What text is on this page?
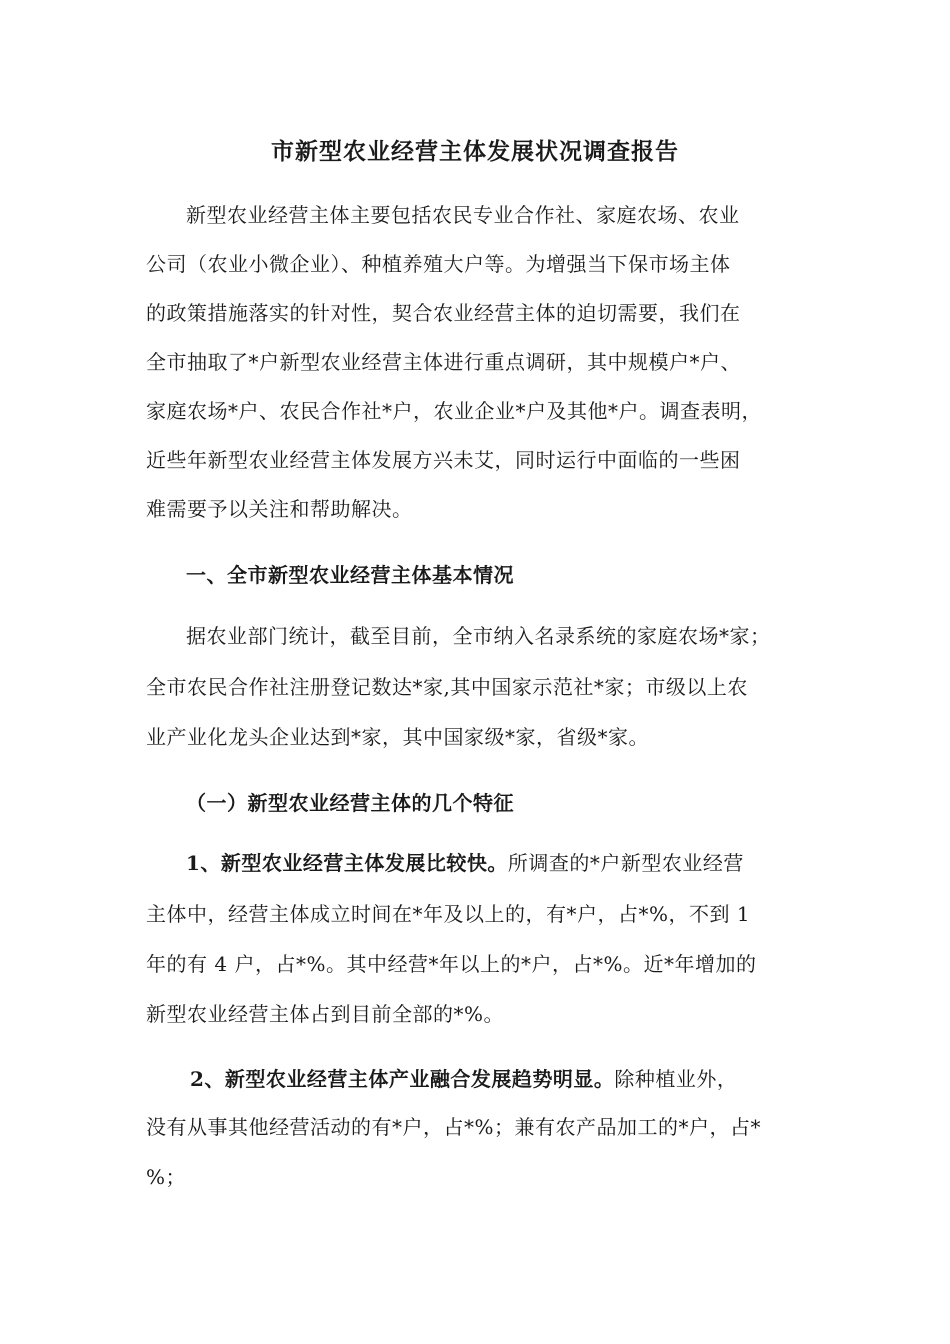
市新型农业经营主体发展状况调查报告
新型农业经营主体主要包括农民专业合作社、家庭农场、农业
公司（农业小微企业）、种植养殖大户等。为增强当下保市场主体
的政策措施落实的针对性，契合农业经营主体的迫切需要，我们在
全市抽取了*户新型农业经营主体进行重点调研，其中规模户*户、
家庭农场*户、农民合作社*户，农业企业*户及其他*户。调查表明，
近些年新型农业经营主体发展方兴未艾，同时运行中面临的一些困
难需要予以关注和帮助解决。
一、全市新型农业经营主体基本情况
据农业部门统计，截至目前，全市纳入名录系统的家庭农场*家；
全市农民合作社注册登记数达*家,其中国家示范社*家；市级以上农
业产业化龙头企业达到*家，其中国家级*家，省级*家。
（一）新型农业经营主体的几个特征
1、新型农业经营主体发展比较快。所调查的*户新型农业经营
主体中，经营主体成立时间在*年及以上的，有*户，占*%，不到 1
年的有 4 户，占*%。其中经营*年以上的*户，占*%。近*年增加的
新型农业经营主体占到目前全部的*%。
2、新型农业经营主体产业融合发展趋势明显。除种植业外，
没有从事其他经营活动的有*户，占*%；兼有农产品加工的*户，占*
%；
